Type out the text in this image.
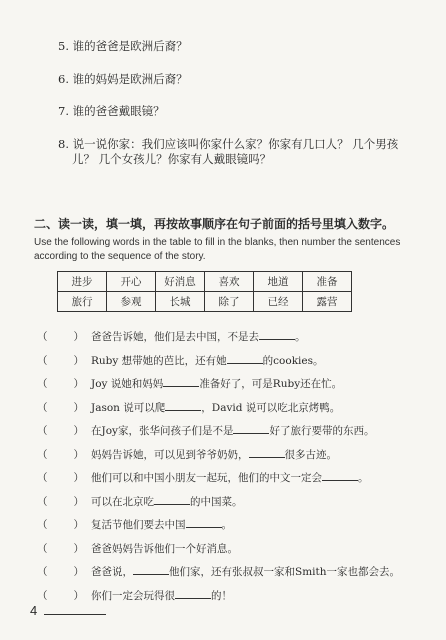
5. 谁的爸爸是欧洲后裔？
6. 谁的妈妈是欧洲后裔？
7. 谁的爸爸戴眼镜？
8. 说一说你家：我们应该叫你家什么家？你家有几口人？ 几个男孩
儿？ 几个女孩儿？你家有人戴眼镜吗？
二、读一读，填一填，再按故事顺序在句子前面的括号里填入数字。
Use the following words in the table to fill in the blanks, then number the sentences according to the sequence of the story.
进步	开心	好消息	喜欢	地道	准备
旅行	参观	长城	除了	已经	露营
（ ） 爸爸告诉她，他们是去中国，不是去	。
（ ） Ruby 想带她的芭比，还有她	的cookies。
（ ） Joy 说她和妈妈	准备好了，可是Ruby还在忙。
（ ） Jason 说可以爬	，David 说可以吃北京烤鸭。
（ ） 在Joy家，张华问孩子们是不是	好了旅行要带的东西。
（ ） 妈妈告诉她，可以见到爷爷奶奶，	很多古迹。
（ ） 他们可以和中国小朋友一起玩，他们的中文一定会	。
（ ） 可以在北京吃	的中国菜。
（ ） 复活节他们要去中国	。
（ ） 爸爸妈妈告诉他们一个好消息。
（ ） 爸爸说，	他们家，还有张叔叔一家和Smith一家也都会去。
（ ） 你们一定会玩得很	的！
4
